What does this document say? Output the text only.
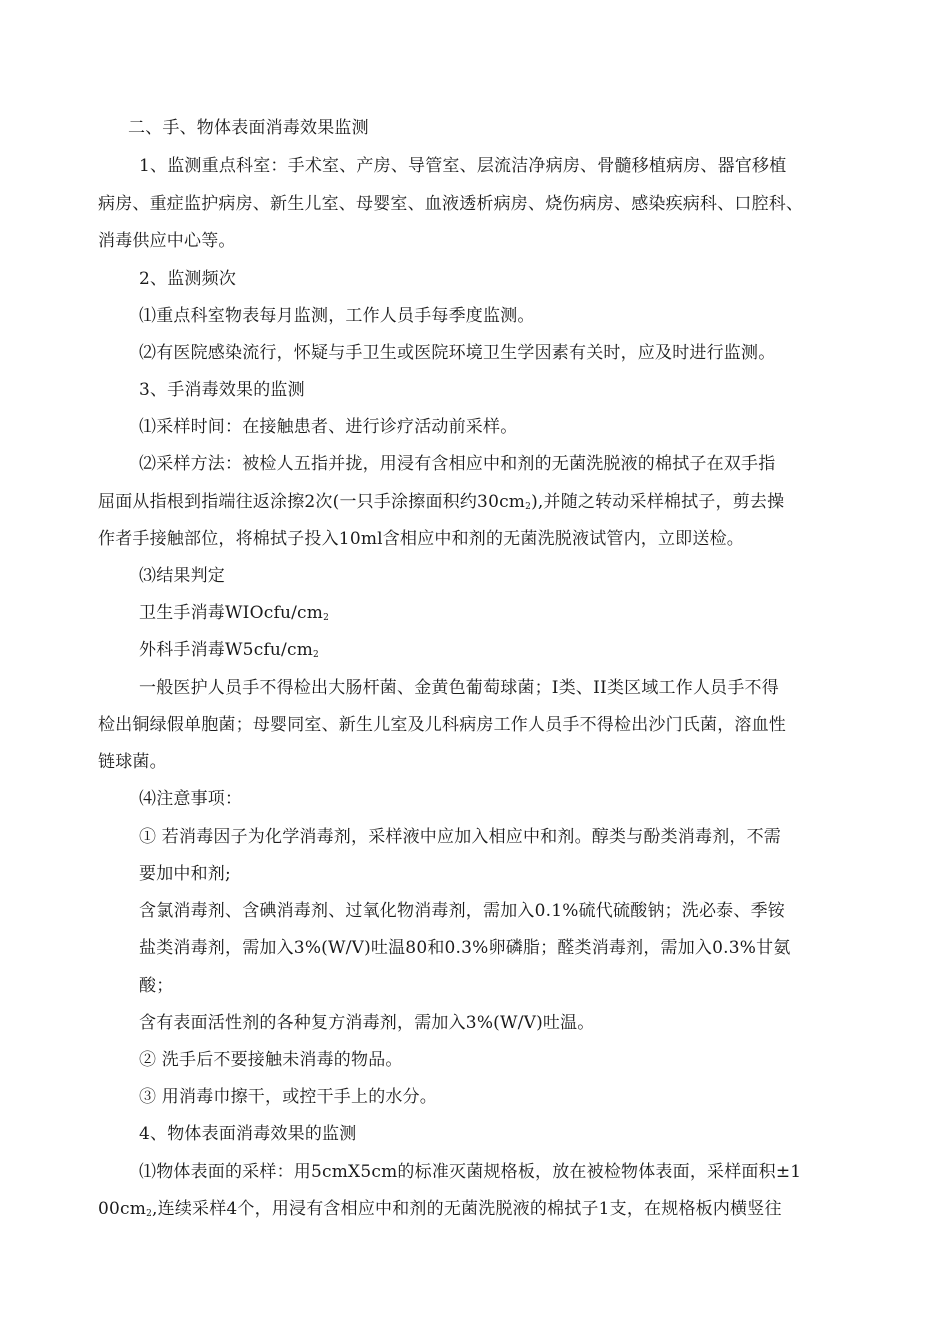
二、手、物体表面消毒效果监测
1、监测重点科室：手术室、产房、导管室、层流洁净病房、骨髓移植病房、器官移植
病房、重症监护病房、新生儿室、母婴室、血液透析病房、烧伤病房、感染疾病科、口腔科、
消毒供应中心等。
2、监测频次
⑴重点科室物表每月监测，工作人员手每季度监测。
⑵有医院感染流行，怀疑与手卫生或医院环境卫生学因素有关时，应及时进行监测。
3、手消毒效果的监测
⑴采样时间：在接触患者、进行诊疗活动前采样。
⑵采样方法：被检人五指并拢，用浸有含相应中和剂的无菌洗脱液的棉拭子在双手指
屈面从指根到指端往返涂擦2次(一只手涂擦面积约$30cm_2$),并随之转动采样棉拭子，剪去操
作者手接触部位，将棉拭子投入10ml含相应中和剂的无菌洗脱液试管内，立即送检。
⑶结果判定
卫生手消毒WIOcfu/$cm_2$
外科手消毒$W5cfu/cm_2$
一般医护人员手不得检出大肠杆菌、金黄色葡萄球菌；I类、II类区域工作人员手不得
检出铜绿假单胞菌；母婴同室、新生儿室及儿科病房工作人员手不得检出沙门氏菌，溶血性
链球菌。
⑷注意事项：
① 若消毒因子为化学消毒剂，采样液中应加入相应中和剂。醇类与酚类消毒剂，不需
要加中和剂;
含氯消毒剂、含碘消毒剂、过氧化物消毒剂，需加入0.1%硫代硫酸钠；洗必泰、季铵
盐类消毒剂，需加入3%(W/V)吐温80和0.3%卵磷脂；醛类消毒剂，需加入0.3%甘氨
酸；
含有表面活性剂的各种复方消毒剂，需加入3%(W/V)吐温。
② 洗手后不要接触未消毒的物品。
③ 用消毒巾擦干，或控干手上的水分。
4、物体表面消毒效果的监测
⑴物体表面的采样：用5cmX5cm的标准灭菌规格板，放在被检物体表面，采样面积±1
$00cm_2$,连续采样4个，用浸有含相应中和剂的无菌洗脱液的棉拭子1支，在规格板内横竖往
